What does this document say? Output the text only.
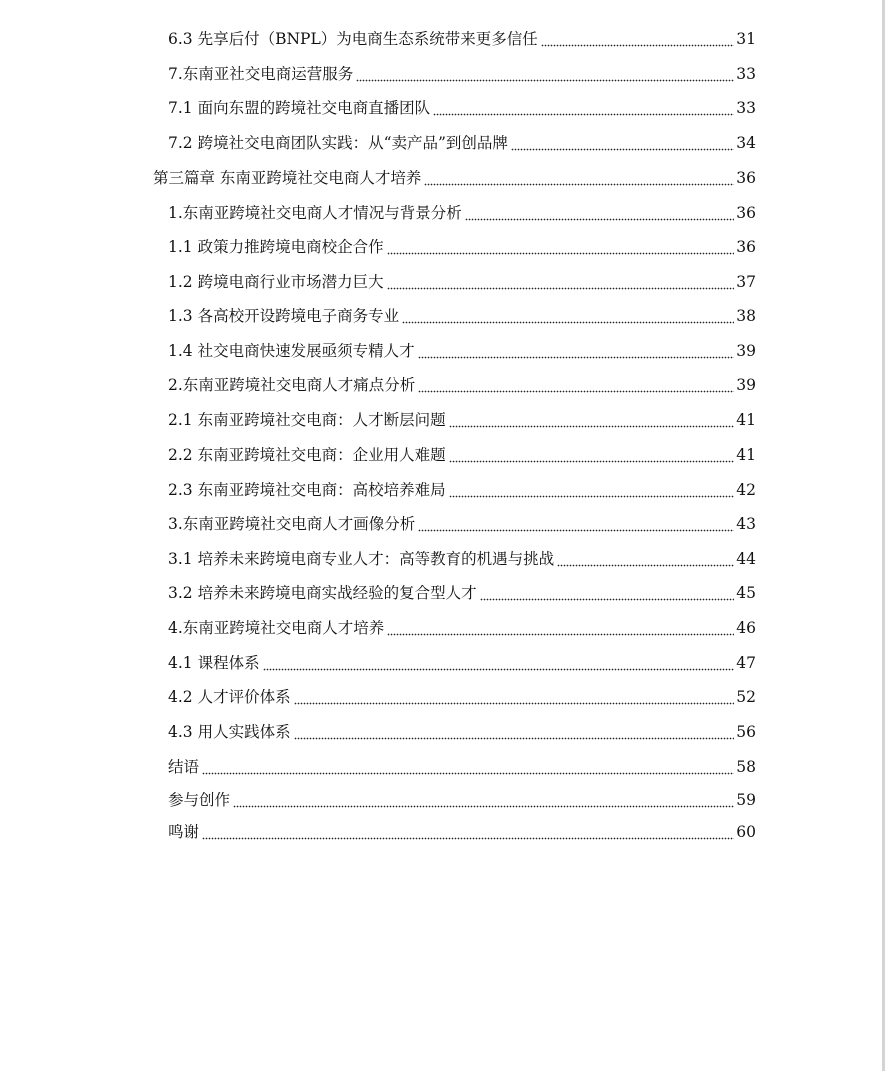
6.3 先享后付（BNPL）为电商生态系统带来更多信任	31
7.东南亚社交电商运营服务	33
7.1 面向东盟的跨境社交电商直播团队	33
7.2 跨境社交电商团队实践：从“卖产品”到创品牌	34
第三篇章 东南亚跨境社交电商人才培养	36
1.东南亚跨境社交电商人才情况与背景分析	36
1.1 政策力推跨境电商校企合作	36
1.2 跨境电商行业市场潜力巨大	37
1.3 各高校开设跨境电子商务专业	38
1.4 社交电商快速发展亟须专精人才	39
2.东南亚跨境社交电商人才痛点分析	39
2.1 东南亚跨境社交电商：人才断层问题	41
2.2 东南亚跨境社交电商：企业用人难题	41
2.3 东南亚跨境社交电商：高校培养难局	42
3.东南亚跨境社交电商人才画像分析	43
3.1 培养未来跨境电商专业人才：高等教育的机遇与挑战	44
3.2 培养未来跨境电商实战经验的复合型人才	45
4.东南亚跨境社交电商人才培养	46
4.1 课程体系	47
4.2 人才评价体系	52
4.3 用人实践体系	56
结语	58
参与创作	59
鸣谢	60
